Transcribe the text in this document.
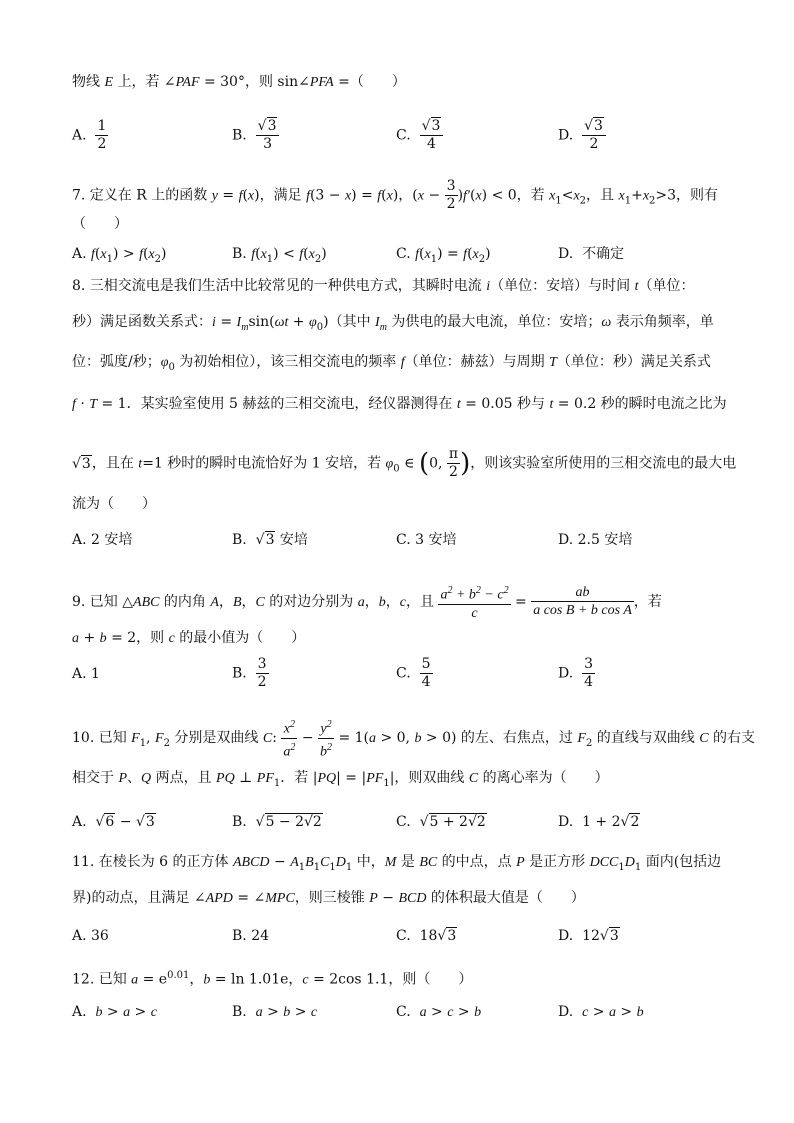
物线 E 上，若 ∠PAF = 30°，则 sin∠PFA =（　　）
A. $\frac{1}{2}$	B. $\frac{√3}{3}$	C. $\frac{√3}{4}$	D. $\frac{√3}{2}$
7. 定义在 R 上的函数 y = f(x)，满足 f(3 − x) = f(x)，$(x - \frac{3}{2} )f'(x) < 0$，若 $x_1<x_2$，且 $x_1+x_2>3$，则有
（　　）
A. $f(x_1) > f(x_2)$	B. $f(x_1) < f(x_2)$	C. $f(x_1) = f(x_2)$	D.  不确定
8. 三相交流电是我们生活中比较常见的一种供电方式，其瞬时电流 i（单位：安培）与时间 t（单位：
秒）满足函数关系式：$i = I_m\sin(\omega t + \varphi_0)$（其中 $I_m$ 为供电的最大电流，单位：安培；ω 表示角频率，单
位：弧度/秒；$\varphi_0$ 为初始相位），该三相交流电的频率 f（单位：赫兹）与周期 T（单位：秒）满足关系式
f · T = 1．某实验室使用 5 赫兹的三相交流电，经仪器测得在 t = 0.05 秒与 t = 0.2 秒的瞬时电流之比为
√3，且在 t=1 秒时的瞬时电流恰好为 1 安培，若 $\varphi_0$ ∈ (0, $\frac{\pi}{2}$ )，则该实验室所使用的三相交流电的最大电
流为（　　）
A. 2 安培	B.  √3 安培	C. 3 安培	D. 2.5 安培
9. 已知 △ABC 的内角 A，B，C 的对边分别为 a，b，c，且 $\frac{a^2 + b^2 - c^2}{c} = \frac{ab}{\text{a cos B + b cos A}}$ ，若
a + b = 2，则 c 的最小值为（　　）
A. 1	B. $\frac{3}{2}$	C. $\frac{5}{4}$	D. $\frac{3}{4}$
10. 已知 $F_1$, $F_2$ 分别是双曲线 C: $\frac{x^2}{a^2} - \frac{y^2}{b^2} = 1(a > 0$, b > 0) 的左、右焦点，过 $F_2$ 的直线与双曲线 C 的右支
相交于 P、Q 两点，且 PQ ⊥ $PF_1$．若 $|PQ| = |PF_1|$，则双曲线 C 的离心率为（　　）
A.  √6 − √3	B.  √5 − 2√2	C.  √5 + 2√2	D.  1 + 2√2
11. 在棱长为 6 的正方体 ABCD − $A_1B_1C_1D_1$ 中，M 是 BC 的中点，点 P 是正方形 $DCC_1D_1$ 面内(包括边
界)的动点，且满足 ∠APD = ∠MPC，则三棱锥 P − BCD 的体积最大值是（　　）
A. 36	B. 24	C.  18√3	D.  12√3
12. 已知 $a = e^{0.01}$，b = ln 1.01e，c = 2cos 1.1，则（　　）
A.  b > a > c	B.  a > b > c	C.  a > c > b	D.  c > a > b
